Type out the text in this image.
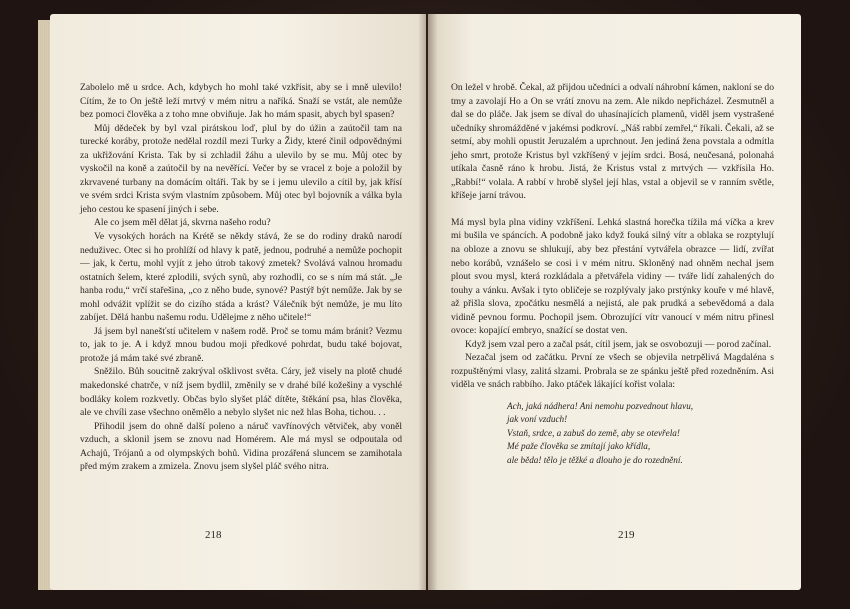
Zabolelo mě u srdce. Ach, kdybych ho mohl také vzkřísit, aby se i mně ulevilo! Cítím, že to On ještě leží mrtvý v mém nitru a naříká. Snaží se vstát, ale nemůže bez pomoci člověka a z toho mne obviňuje. Jak ho mám spasit, abych byl spasen?

Můj dědeček by byl vzal pirátskou loď, plul by do úžin a zaútočil tam na turecké koráby, protože nedělal rozdíl mezi Turky a Židy, které činil odpovědnými za ukřižování Krista. Tak by si zchladil žáhu a ulevilo by se mu. Můj otec by vyskočil na koně a zaútočil by na nevěřící. Večer by se vracel z boje a položil by zkrvavené turbany na domácím oltáři. Tak by se i jemu ulevilo a cítil by, jak křísí ve svém srdci Krista svým vlastním způsobem. Můj otec byl bojovník a válka byla jeho cestou ke spasení jiných i sebe.

Ale co jsem měl dělat já, skvrna našeho rodu?

Ve vysokých horách na Krétě se někdy stává, že se do rodiny draků narodí neduživec. Otec si ho prohlíží od hlavy k patě, jednou, podruhé a nemůže pochopit — jak, k čertu, mohl vyjít z jeho útrob takový zmetek? Svolává valnou hromadu ostatních šelem, které zplodili, svých synů, aby rozhodli, co se s ním má stát. „Je hanba rodu,“ vrčí stařešina, „co z něho bude, synové? Pastýř být nemůže. Jak by se mohl odvážit vplížit se do cizího stáda a krást? Válečník být nemůže, je mu líto zabíjet. Dělá hanbu našemu rodu. Udělejme z něho učitele!“

Já jsem byl nanešťstí učitelem v našem rodě. Proč se tomu mám bránit? Vezmu to, jak to je. A i když mnou budou moji předkové pohrdat, budu také bojovat, protože já mám také své zbraně.

Sněžilo. Bůh soucitně zakrýval ošklivost světa. Cáry, jež visely na plotě chudé makedonské chatrče, v níž jsem bydlil, změnily se v drahé bílé kožešiny a vyschlé bodláky kolem rozkvetly. Občas bylo slyšet pláč dítěte, štěkání psa, hlas člověka, ale ve chvíli zase všechno oněmělo a nebylo slyšet nic než hlas Boha, tichou. . .

Přihodil jsem do ohně další poleno a náruč vavřínových větviček, aby voněl vzduch, a sklonil jsem se znovu nad Homérem. Ale má mysl se odpoutala od Achajů, Trójanů a od olympských bohů. Vidina prozářená sluncem se zamihotala před mým zrakem a zmizela. Znovu jsem slyšel pláč svého nitra.

218

On ležel v hrobě. Čekal, až přijdou učedníci a odvalí náhrobní kámen, nakloní se do tmy a zavolají Ho a On se vrátí znovu na zem. Ale nikdo nepřicházel. Zesmutněl a dal se do pláče. Jak jsem se díval do uhasínajících plamenů, viděl jsem vystrašené učedníky shromážděné v jakémsi podkroví. „Náš rabbí zemřel,“ říkali. Čekali, až se setmí, aby mohli opustit Jeruzalém a uprchnout. Jen jediná žena povstala a odmítla jeho smrt, protože Kristus byl vzkříšený v jejím srdci. Bosá, neučesaná, polonahá utíkala časně ráno k hrobu. Jistá, že Kristus vstal z mrtvých — vzkřísila Ho. „Rabbí!“ volala. A rabbí v hrobě slyšel její hlas, vstal a objevil se v ranním světle, kříšeje jarní trávou.

Má mysl byla plna vidiny vzkříšení. Lehká slastná horečka tížila má víčka a krev mi bušila ve spáncích. A podobně jako když fouká silný vítr a oblaka se rozptylují na obloze a znovu se shlukují, aby bez přestání vytvářela obrazce — lidí, zvířat nebo korábů, vznášelo se cosi i v mém nitru. Skloněný nad ohněm nechal jsem plout svou mysl, která rozkládala a přetvářela vidiny — tváře lidí zahalených do touhy a vánku. Avšak i tyto obličeje se rozplývaly jako prstýnky kouře v mé hlavě, až přišla slova, zpočátku nesmělá a nejistá, ale pak prudká a sebevědomá a dala vidině pevnou formu. Pochopil jsem. Obrozující vítr vanoucí v mém nitru přinesl ovoce: kopající embryo, snažící se dostat ven.

Když jsem vzal pero a začal psát, cítil jsem, jak se osvobozuji — porod začínal.

Nezačal jsem od začátku. První ze všech se objevila netrpělivá Magdaléna s rozpuštěnými vlasy, zalitá slzami. Probrala se ze spánku ještě před rozedněním. Asi viděla ve snách rabbího. Jako ptáček lákající kořist volala:

Ach, jaká nádhera! Ani nemohu pozvednout hlavu,
jak voní vzduch!
Vstaň, srdce, a zabuš do země, aby se otevřela!
Mé paže člověka se zmítají jako křídla,
ale běda! tělo je těžké a dlouho je do rozednění.
219
